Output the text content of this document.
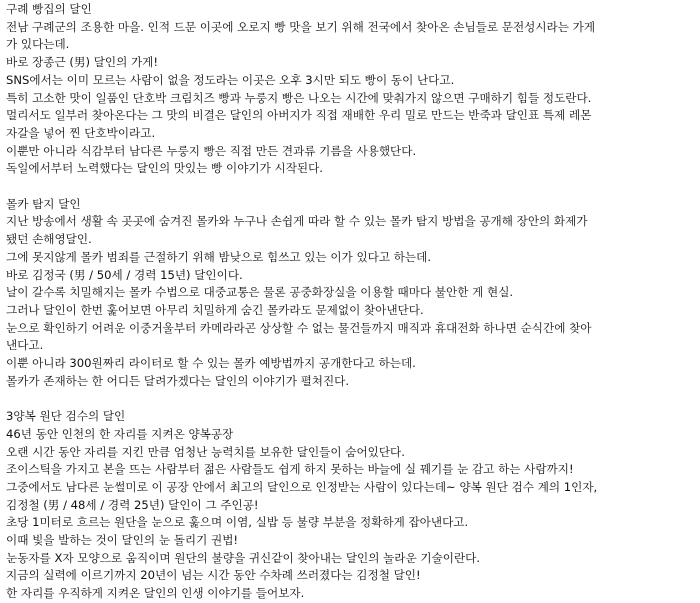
구례 빵집의 달인
전남 구례군의 조용한 마을. 인적 드문 이곳에 오로지 빵 맛을 보기 위해 전국에서 찾아온 손님들로 문전성시라는 가게
가 있다는데.
바로 장종근 (男) 달인의 가게!
SNS에서는 이미 모르는 사람이 없을 정도라는 이곳은 오후 3시만 되도 빵이 동이 난다고.
특히 고소한 맛이 일품인 단호박 크림치즈 빵과 누룽지 빵은 나오는 시간에 맞춰가지 않으면 구매하기 힘들 정도란다.
멀리서도 일부러 찾아온다는 그 맛의 비결은 달인의 아버지가 직접 재배한 우리 밀로 만드는 반죽과 달인표 특제 레몬
자갈을 넣어 찐 단호박이라고.
이뿐만 아니라 식감부터 남다른 누룽지 빵은 직접 만든 견과류 기름을 사용했단다.
독일에서부터 노력했다는 달인의 맛있는 빵 이야기가 시작된다.
몰카 탐지 달인
지난 방송에서 생활 속 곳곳에 숨겨진 몰카와 누구나 손쉽게 따라 할 수 있는 몰카 탐지 방법을 공개해 장안의 화제가
됐던 손해영달인.
그에 못지않게 몰카 범죄를 근절하기 위해 밤낮으로 힘쓰고 있는 이가 있다고 하는데.
바로 김정국 (男 / 50세 / 경력 15년) 달인이다.
날이 갈수록 치밀해지는 몰카 수법으로 대중교통은 물론 공중화장실을 이용할 때마다 불안한 게 현실.
그러나 달인이 한번 훑어보면 아무리 치밀하게 숨긴 몰카라도 문제없이 찾아낸단다.
눈으로 확인하기 어려운 이중거울부터 카메라라곤 상상할 수 없는 물건들까지 매직과 휴대전화 하나면 순식간에 찾아
낸다고.
이뿐 아니라 300원짜리 라이터로 할 수 있는 몰카 예방법까지 공개한다고 하는데.
몰카가 존재하는 한 어디든 달려가겠다는 달인의 이야기가 펼쳐진다.
3양복 원단 검수의 달인
46년 동안 인천의 한 자리를 지켜온 양복공장
오랜 시간 동안 자리를 지킨 만큼 엄청난 능력치를 보유한 달인들이 숨어있단다.
조이스틱을 가지고 본을 뜨는 사람부터 젊은 사람들도 쉽게 하지 못하는 바늘에 실 꿰기를 눈 감고 하는 사람까지!
그중에서도 남다른 눈썰미로 이 공장 안에서 최고의 달인으로 인정받는 사람이 있다는데~ 양복 원단 검수 계의 1인자,
김정철 (男 / 48세 / 경력 25년) 달인이 그 주인공!
초당 1미터로 흐르는 원단을 눈으로 훑으며 이염, 실밥 등 불량 부분을 정확하게 잡아낸다고.
이때 빛을 발하는 것이 달인의 눈 돌리기 권법!
눈동자를 X자 모양으로 움직이며 원단의 불량을 귀신같이 찾아내는 달인의 놀라운 기술이란다.
지금의 실력에 이르기까지 20년이 넘는 시간 동안 수차례 쓰러졌다는 김정철 달인!
한 자리를 우직하게 지켜온 달인의 인생 이야기를 들어보자.
